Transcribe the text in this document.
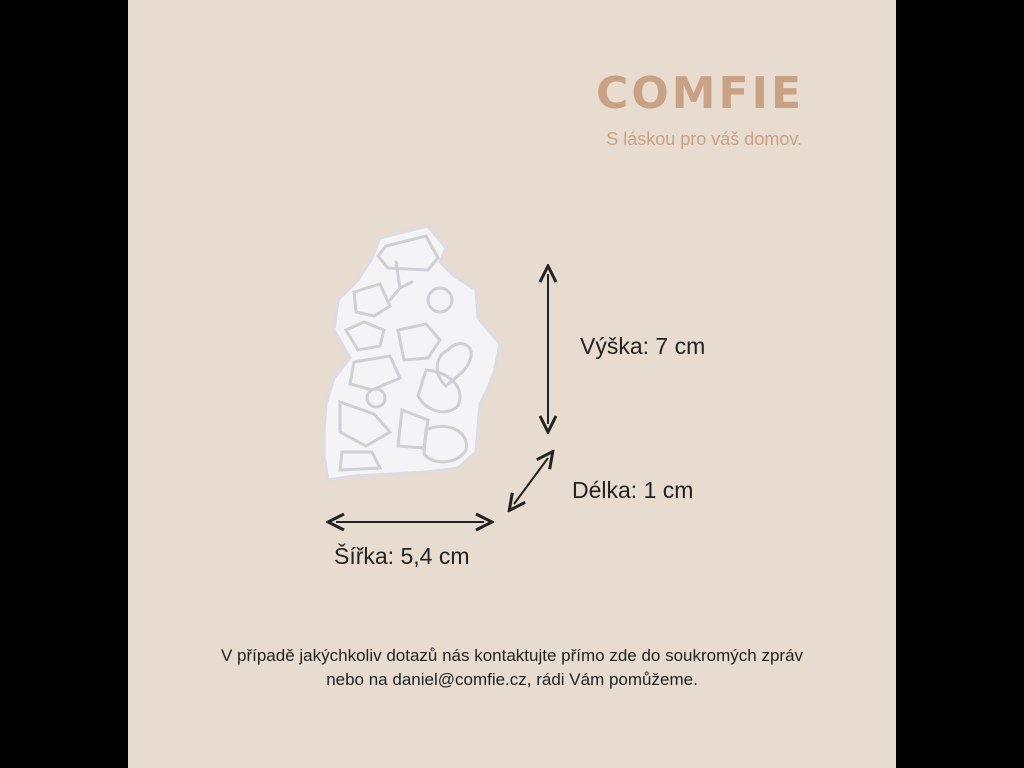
COMFIE
S láskou pro váš domov.
Výška: 7 cm
Délka: 1 cm
Šířka: 5,4 cm
V případě jakýchkoliv dotazů nás kontaktujte přímo zde do soukromých zpráv nebo na daniel@comfie.cz, rádi Vám pomůžeme.
